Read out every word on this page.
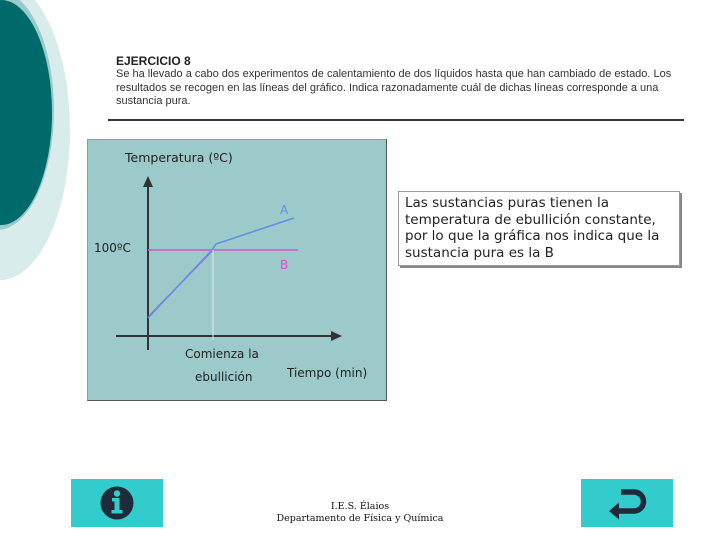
EJERCICIO 8
Se ha llevado a cabo dos experimentos de calentamiento de dos líquidos hasta que han cambiado de estado. Los resultados se recogen en las líneas del gráfico. Indica razonadamente cuál de dichas líneas corresponde a una sustancia pura.
Temperatura (ºC)
A
B
100ºC
Comienza la
ebullición	Tiempo (min)
Las sustancias puras tienen la temperatura de ebullición constante, por lo que la gráfica nos indica que la sustancia pura es la B
I.E.S. Élaios
Departamento de Física y Química
